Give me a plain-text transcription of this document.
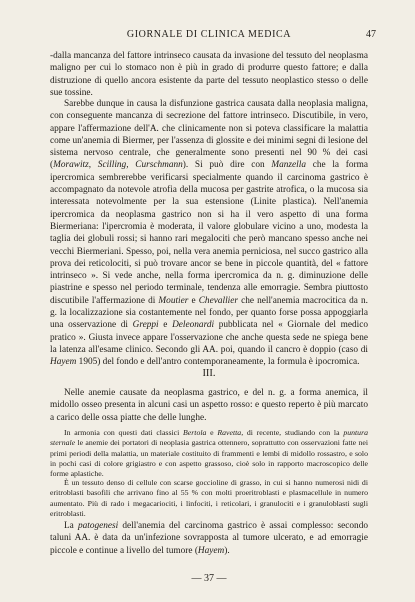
GIORNALE DI CLINICA MEDICA	47

-dalla mancanza del fattore intrinseco causata da invasione del tessuto del neoplasma maligno per cui lo stomaco non è più in grado di produrre questo fattore; e dalla distruzione di quello ancora esistente da parte del tessuto neoplastico stesso o delle sue tossine.

Sarebbe dunque in causa la disfunzione gastrica causata dalla neoplasia maligna, con conseguente mancanza di secrezione del fattore intrinseco. Discutibile, in vero, appare l'affermazione dell'A. che clinicamente non si poteva classificare la malattia come un'anemia di Biermer, per l'assenza di glossite e dei minimi segni di lesione del sistema nervoso centrale, che generalmente sono presenti nel 90 % dei casi (Morawitz, Scilling, Curschmann). Si può dire con Manzella che la forma ipercromica sembrerebbe verificarsi specialmente quando il carcinoma gastrico è accompagnato da notevole atrofia della mucosa per gastrite atrofica, o la mucosa sia interessata notevolmente per la sua estensione (Linite plastica). Nell'anemia ipercromica da neoplasma gastrico non si ha il vero aspetto di una forma Biermeriana: l'ipercromia è moderata, il valore globulare vicino a uno, modesta la taglia dei globuli rossi; si hanno rari megalociti che però mancano spesso anche nei vecchi Biermeriani. Spesso, poi, nella vera anemia perniciosa, nel succo gastrico alla prova dei reticolociti, si può trovare ancor se bene in piccole quantità, del « fattore intrinseco ». Si vede anche, nella forma ipercromica da n. g. diminuzione delle piastrine e spesso nel periodo terminale, tendenza alle emorragie. Sembra piuttosto discutibile l'affermazione di Moutier e Chevallier che nell'anemia macrocitica da n. g. la localizzazione sia costantemente nel fondo, per quanto forse possa appoggiarla una osservazione di Greppi e Deleonardi pubblicata nel « Giornale del medico pratico ». Giusta invece appare l'osservazione che anche questa sede ne spiega bene la latenza all'esame clinico. Secondo gli AA. poi, quando il cancro è doppio (caso di Hayem 1905) del fondo e dell'antro contemporaneamente, la formula è ipocromica.

III.

Nelle anemie causate da neoplasma gastrico, e del n. g. a forma anemica, il midollo osseo presenta in alcuni casi un aspetto rosso: e questo reperto è più marcato a carico delle ossa piatte che delle lunghe.

In armonia con questi dati classici Bertola e Ravetta, di recente, studiando con la puntura sternale le anemie dei portatori di neoplasia gastrica ottennero, soprattutto con osservazioni fatte nei primi periodi della malattia, un materiale costituito di frammenti e lembi di midollo rossastro, e solo in pochi casi di colore grigiastro e con aspetto grassoso, cioè solo in rapporto macroscopico delle forme aplastiche.

È un tessuto denso di cellule con scarse goccioline di grasso, in cui si hanno numerosi nidi di eritroblasti basofili che arrivano fino al 55 % con molti proeritroblasti e plasmacellule in numero aumentato. Più di rado i megacariociti, i linfociti, i reticolari, i granulociti e i granuloblasti sugli eritroblasti.

La patogenesi dell'anemia del carcinoma gastrico è assai complesso: secondo taluni AA. è data da un'infezione sovrapposta al tumore ulcerato, e ad emorragie piccole e continue a livello del tumore (Hayem).

— 37 —
